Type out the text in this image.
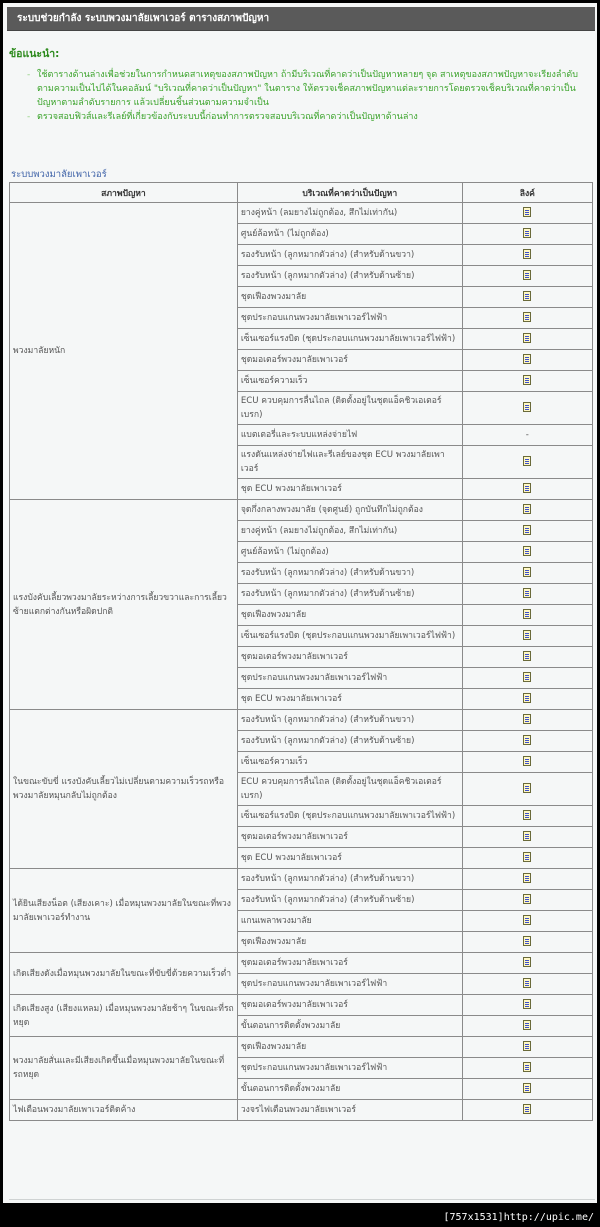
ระบบช่วยกำลัง ระบบพวงมาลัยเพาเวอร์ ตารางสภาพปัญหา
ข้อแนะนำ:
- ใช้ตารางด้านล่างเพื่อช่วยในการกำหนดสาเหตุของสภาพปัญหา ถ้ามีบริเวณที่คาดว่าเป็นปัญหาหลายๆ จุด สาเหตุของสภาพปัญหาจะเรียงลำดับตามความเป็นไปได้ในคอลัมน์ "บริเวณที่คาดว่าเป็นปัญหา" ในตาราง ให้ตรวจเช็คสภาพปัญหาแต่ละรายการโดยตรวจเช็คบริเวณที่คาดว่าเป็นปัญหาตามลำดับรายการ แล้วเปลี่ยนชิ้นส่วนตามความจำเป็น
- ตรวจสอบฟิวส์และรีเลย์ที่เกี่ยวข้องกับระบบนี้ก่อนทำการตรวจสอบบริเวณที่คาดว่าเป็นปัญหาด้านล่าง
ระบบพวงมาลัยเพาเวอร์
สภาพปัญหา	บริเวณที่คาดว่าเป็นปัญหา	ลิงค์
พวงมาลัยหนัก	ยางคู่หน้า (ลมยางไม่ถูกต้อง, สึกไม่เท่ากัน)	
	ศูนย์ล้อหน้า (ไม่ถูกต้อง)	
	รองรับหน้า (ลูกหมากตัวล่าง) (สำหรับด้านขวา)	
	รองรับหน้า (ลูกหมากตัวล่าง) (สำหรับด้านซ้าย)	
	ชุดเฟืองพวงมาลัย	
	ชุดประกอบแกนพวงมาลัยเพาเวอร์ไฟฟ้า	
	เซ็นเซอร์แรงบิด (ชุดประกอบแกนพวงมาลัยเพาเวอร์ไฟฟ้า)	
	ชุดมอเตอร์พวงมาลัยเพาเวอร์	
	เซ็นเซอร์ความเร็ว	
	ECU ควบคุมการลื่นไถล (ติดตั้งอยู่ในชุดแอ็คชิวเอเตอร์เบรก)	
	แบตเตอรี่และระบบแหล่งจ่ายไฟ	-
	แรงดันแหล่งจ่ายไฟและรีเลย์ของชุด ECU พวงมาลัยเพาเวอร์	
	ชุด ECU พวงมาลัยเพาเวอร์	
แรงบังคับเลี้ยวพวงมาลัยระหว่างการเลี้ยวขวาและการเลี้ยวซ้ายแตกต่างกันหรือผิดปกติ	จุดกึ่งกลางพวงมาลัย (จุดศูนย์) ถูกบันทึกไม่ถูกต้อง	
	ยางคู่หน้า (ลมยางไม่ถูกต้อง, สึกไม่เท่ากัน)	
	ศูนย์ล้อหน้า (ไม่ถูกต้อง)	
	รองรับหน้า (ลูกหมากตัวล่าง) (สำหรับด้านขวา)	
	รองรับหน้า (ลูกหมากตัวล่าง) (สำหรับด้านซ้าย)	
	ชุดเฟืองพวงมาลัย	
	เซ็นเซอร์แรงบิด (ชุดประกอบแกนพวงมาลัยเพาเวอร์ไฟฟ้า)	
	ชุดมอเตอร์พวงมาลัยเพาเวอร์	
	ชุดประกอบแกนพวงมาลัยเพาเวอร์ไฟฟ้า	
	ชุด ECU พวงมาลัยเพาเวอร์	
ในขณะขับขี่ แรงบังคับเลี้ยวไม่เปลี่ยนตามความเร็วรถหรือพวงมาลัยหมุนกลับไม่ถูกต้อง	รองรับหน้า (ลูกหมากตัวล่าง) (สำหรับด้านขวา)	
	รองรับหน้า (ลูกหมากตัวล่าง) (สำหรับด้านซ้าย)	
	เซ็นเซอร์ความเร็ว	
	ECU ควบคุมการลื่นไถล (ติดตั้งอยู่ในชุดแอ็คชิวเอเตอร์เบรก)	
	เซ็นเซอร์แรงบิด (ชุดประกอบแกนพวงมาลัยเพาเวอร์ไฟฟ้า)	
	ชุดมอเตอร์พวงมาลัยเพาเวอร์	
	ชุด ECU พวงมาลัยเพาเวอร์	
ได้ยินเสียงน็อต (เสียงเคาะ) เมื่อหมุนพวงมาลัยในขณะที่พวงมาลัยเพาเวอร์ทำงาน	รองรับหน้า (ลูกหมากตัวล่าง) (สำหรับด้านขวา)	
	รองรับหน้า (ลูกหมากตัวล่าง) (สำหรับด้านซ้าย)	
	แกนเพลาพวงมาลัย	
	ชุดเฟืองพวงมาลัย	
เกิดเสียงดังเมื่อหมุนพวงมาลัยในขณะที่ขับขี่ด้วยความเร็วต่ำ	ชุดมอเตอร์พวงมาลัยเพาเวอร์	
	ชุดประกอบแกนพวงมาลัยเพาเวอร์ไฟฟ้า	
เกิดเสียงสูง (เสียงแหลม) เมื่อหมุนพวงมาลัยช้าๆ ในขณะที่รถหยุด	ชุดมอเตอร์พวงมาลัยเพาเวอร์	
	ขั้นตอนการติดตั้งพวงมาลัย	
พวงมาลัยสั่นและมีเสียงเกิดขึ้นเมื่อหมุนพวงมาลัยในขณะที่รถหยุด	ชุดเฟืองพวงมาลัย	
	ชุดประกอบแกนพวงมาลัยเพาเวอร์ไฟฟ้า	
	ขั้นตอนการติดตั้งพวงมาลัย	
ไฟเตือนพวงมาลัยเพาเวอร์ติดค้าง	วงจรไฟเตือนพวงมาลัยเพาเวอร์	
[757x1531]http://upic.me/
